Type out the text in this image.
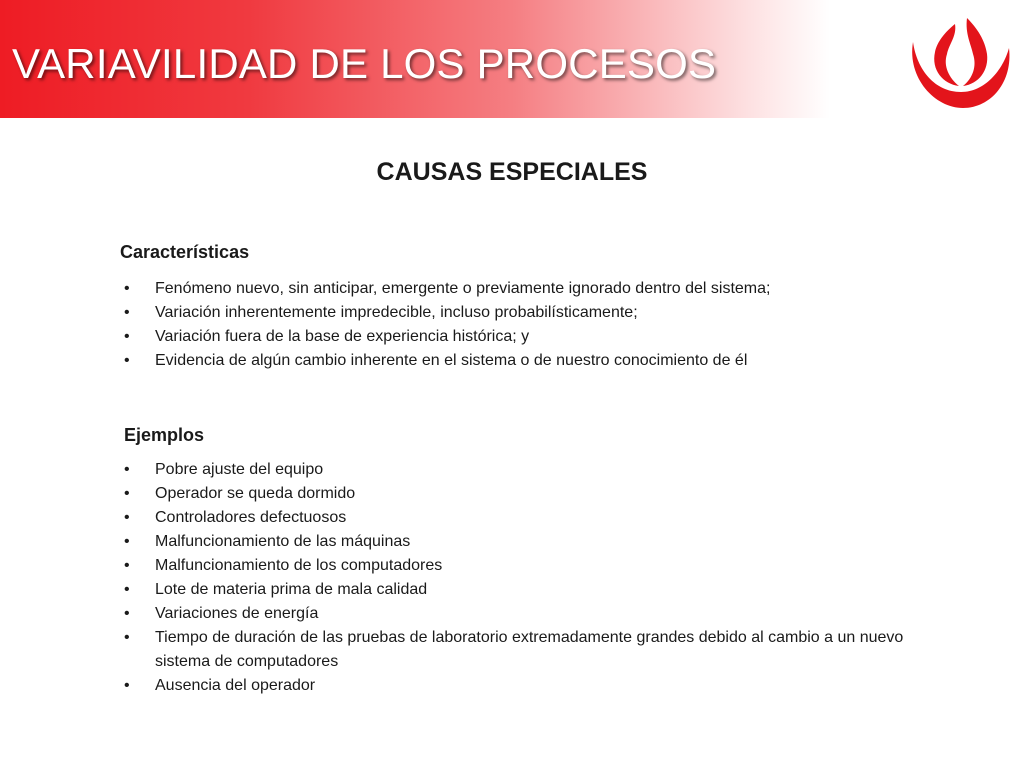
VARIAVILIDAD DE LOS PROCESOS
CAUSAS ESPECIALES
Características
• Fenómeno nuevo, sin anticipar, emergente o previamente ignorado dentro del sistema;
• Variación inherentemente impredecible, incluso probabilísticamente;
• Variación fuera de la base de experiencia histórica; y
• Evidencia de algún cambio inherente en el sistema o de nuestro conocimiento de él
Ejemplos
• Pobre ajuste del equipo
• Operador se queda dormido
• Controladores defectuosos
• Malfuncionamiento de las máquinas
• Malfuncionamiento de los computadores
• Lote de materia prima de mala calidad
• Variaciones de energía
• Tiempo de duración de las pruebas de laboratorio extremadamente grandes debido al cambio a un nuevo sistema de computadores
• Ausencia del operador
